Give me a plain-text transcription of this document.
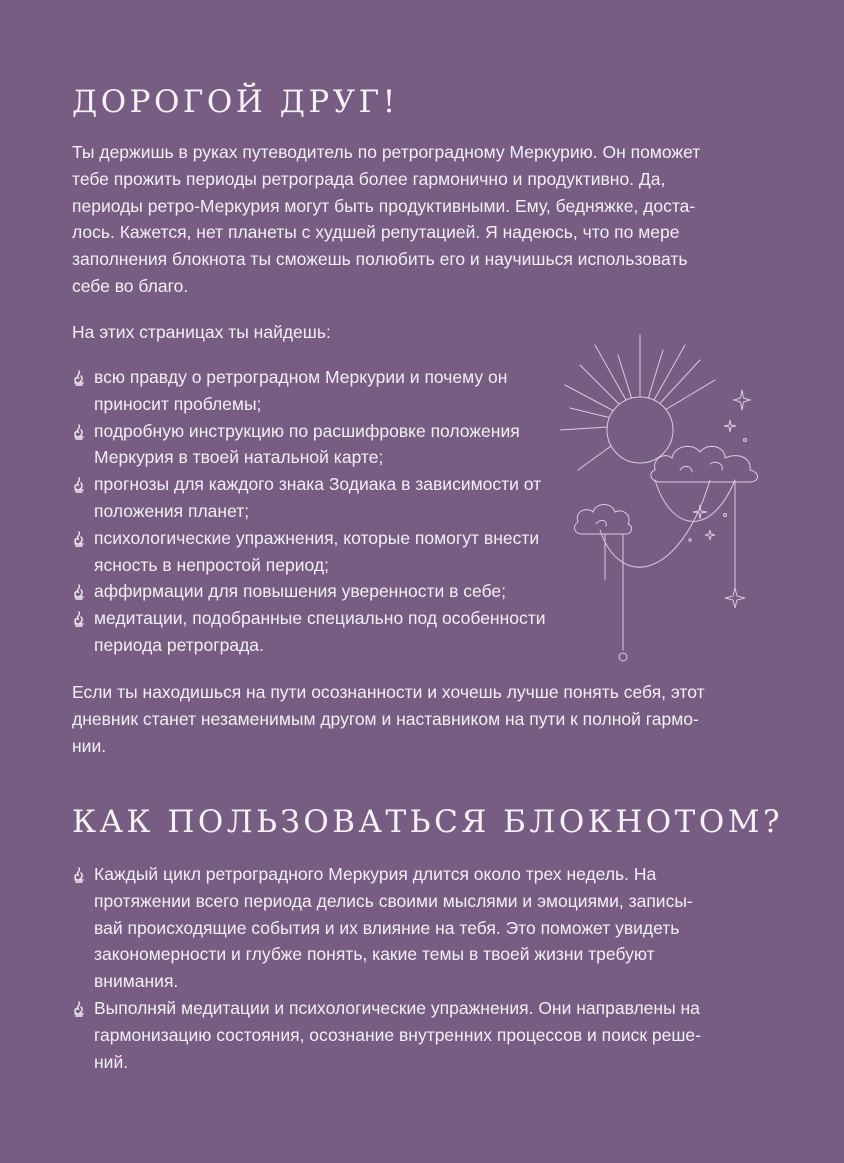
ДОРОГОЙ ДРУГ!
Ты держишь в руках путеводитель по ретроградному Меркурию. Он поможет
тебе прожить периоды ретроградa более гармонично и продуктивно. Да,
периоды ретро-Меркурия могут быть продуктивными. Ему, бедняжке, доста-
лось. Кажется, нет планеты с худшей репутацией. Я надеюсь, что по мере
заполнения блокнота ты сможешь полюбить его и научишься использовать
себе во благо.
На этих страницах ты найдешь:
всю правду о ретроградном Меркурии и почему он
приносит проблемы;
подробную инструкцию по расшифровке положения
Меркурия в твоей натальной карте;
прогнозы для каждого знака Зодиака в зависимости от
положения планет;
психологические упражнения, которые помогут внести
ясность в непростой период;
аффирмации для повышения уверенности в себе;
медитации, подобранные специально под особенности
периода ретроградa.
Если ты находишься на пути осознанности и хочешь лучше понять себя, этот
дневник станет незаменимым другом и наставником на пути к полной гармо-
нии.
КАК ПОЛЬЗОВАТЬСЯ БЛОКНОТОМ?
Каждый цикл ретроградного Меркурия длится около трех недель. На
протяжении всего периода делись своими мыслями и эмоциями, записы-
вай происходящие события и их влияние на тебя. Это поможет увидеть
закономерности и глубже понять, какие темы в твоей жизни требуют
внимания.
Выполняй медитации и психологические упражнения. Они направлены на
гармонизацию состояния, осознание внутренних процессов и поиск реше-
ний.
